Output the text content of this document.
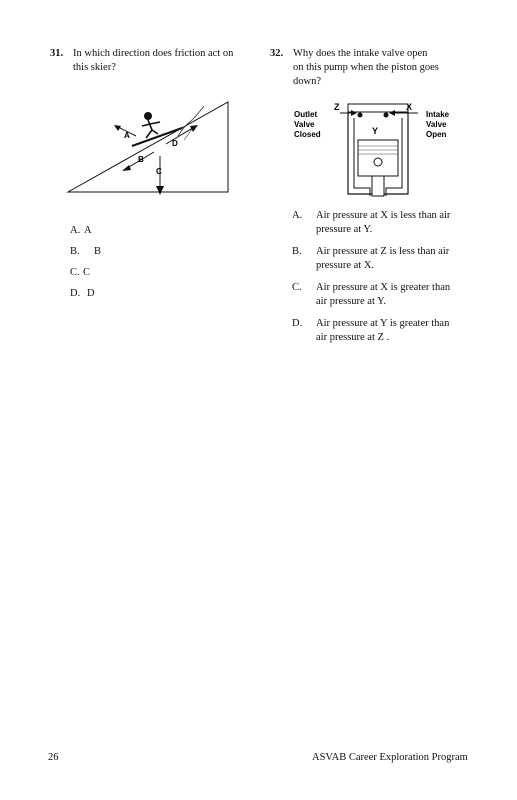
31. In which direction does friction act on
this skier?
A
D
B
C
A. A
B. B
C. C
D. D
32. Why does the intake valve open
on this pump when the piston goes
down?
Outlet
Valve
Closed
Intake
Valve
Open
Z	X
Y
A. Air pressure at X is less than air
pressure at Y.
B. Air pressure at Z is less than air
pressure at X.
C. Air pressure at X is greater than
air pressure at Y.
D. Air pressure at Y is greater than
air pressure at Z .
26	ASVAB Career Exploration Program
